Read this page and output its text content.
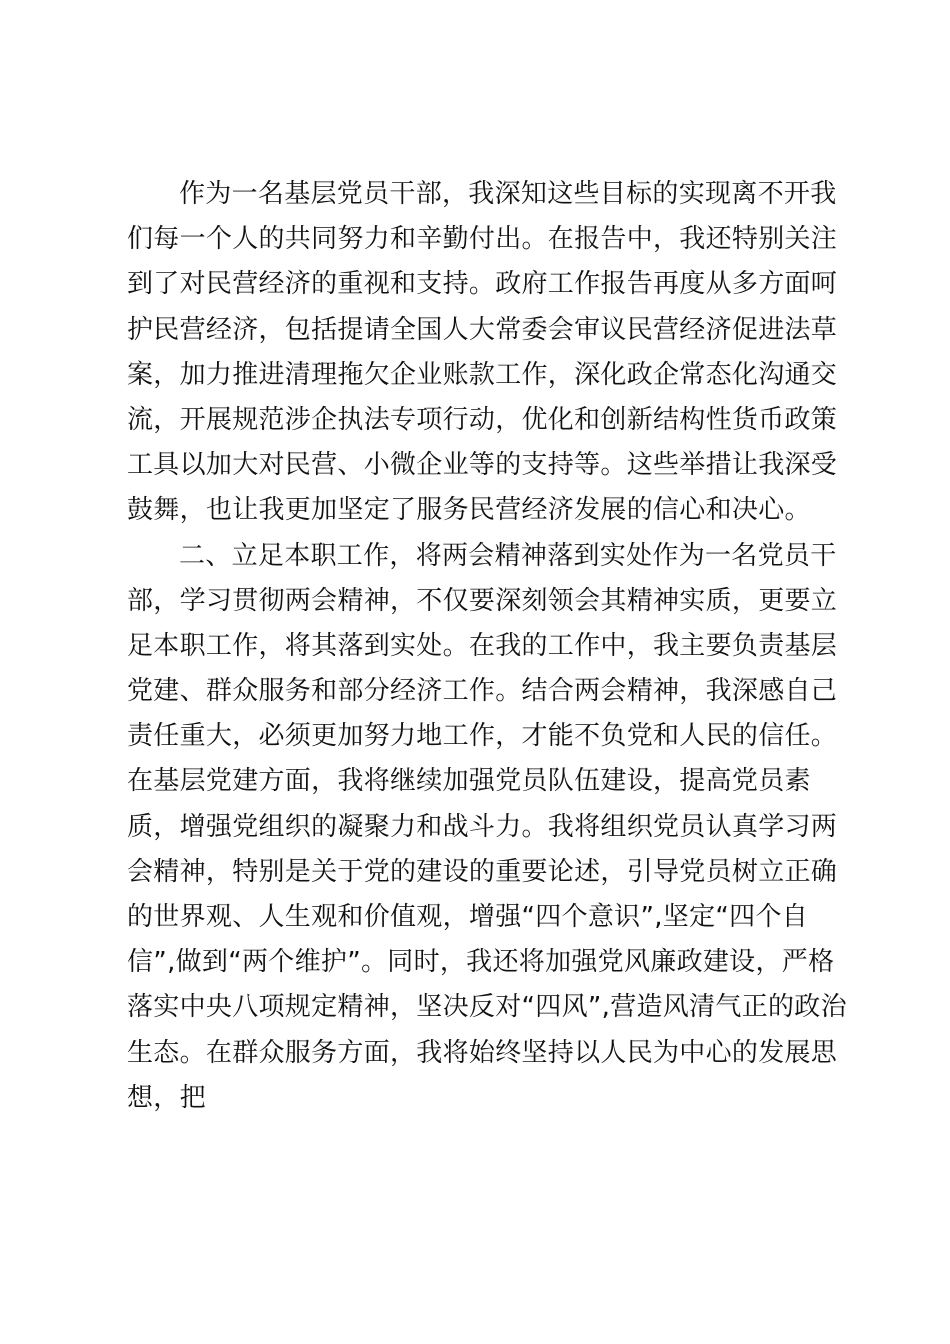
作为一名基层党员干部，我深知这些目标的实现离不开我
们每一个人的共同努力和辛勤付出。在报告中，我还特别关注
到了对民营经济的重视和支持。政府工作报告再度从多方面呵
护民营经济，包括提请全国人大常委会审议民营经济促进法草
案，加力推进清理拖欠企业账款工作，深化政企常态化沟通交
流，开展规范涉企执法专项行动，优化和创新结构性货币政策
工具以加大对民营、小微企业等的支持等。这些举措让我深受
鼓舞，也让我更加坚定了服务民营经济发展的信心和决心。
二、立足本职工作，将两会精神落到实处作为一名党员干
部，学习贯彻两会精神，不仅要深刻领会其精神实质，更要立
足本职工作，将其落到实处。在我的工作中，我主要负责基层
党建、群众服务和部分经济工作。结合两会精神，我深感自己
责任重大，必须更加努力地工作，才能不负党和人民的信任。
在基层党建方面，我将继续加强党员队伍建设，提高党员素
质，增强党组织的凝聚力和战斗力。我将组织党员认真学习两
会精神，特别是关于党的建设的重要论述，引导党员树立正确
的世界观、人生观和价值观，增强“四个意识”,坚定“四个自
信”,做到“两个维护”。同时，我还将加强党风廉政建设，严格
落实中央八项规定精神，坚决反对“四风”,营造风清气正的政治
生态。在群众服务方面，我将始终坚持以人民为中心的发展思
想，把
